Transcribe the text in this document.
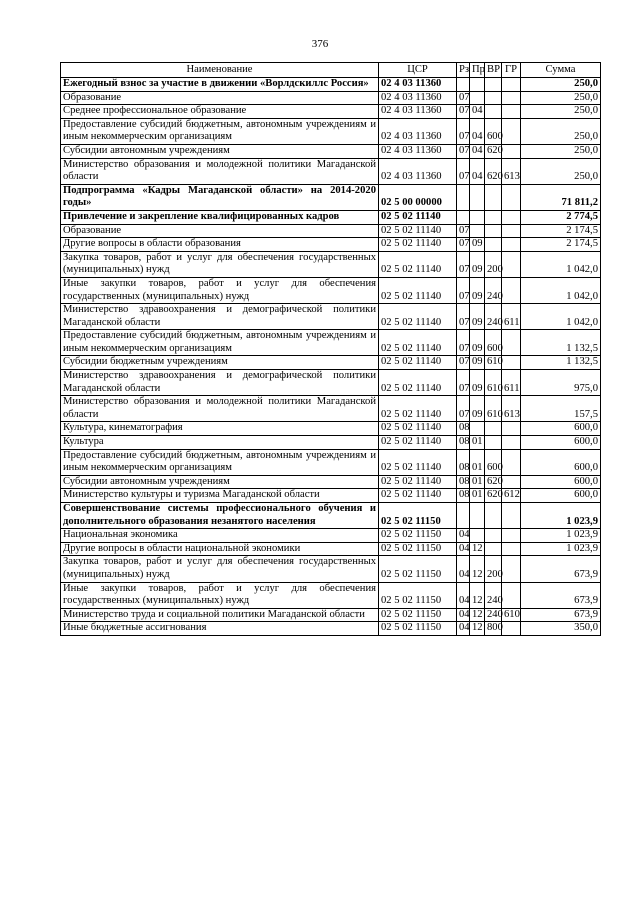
376
Наименование	ЦСР	Рз	Пр	ВР	ГР	Сумма
Ежегодный взнос за участие в движении «Ворлдскиллс Россия»	02 4 03 11360					250,0
Образование	02 4 03 11360	07				250,0
Среднее профессиональное образование	02 4 03 11360	07	04			250,0
Предоставление субсидий бюджетным, автономным учреждениям и иным некоммерческим организациям	02 4 03 11360	07	04	600		250,0
Субсидии автономным учреждениям	02 4 03 11360	07	04	620		250,0
Министерство образования и молодежной политики Магаданской области	02 4 03 11360	07	04	620	613	250,0
Подпрограмма «Кадры Магаданской области» на 2014-2020 годы»	02 5 00 00000					71 811,2
Привлечение и закрепление квалифицированных кадров	02 5 02 11140					2 774,5
Образование	02 5 02 11140	07				2 174,5
Другие вопросы в области образования	02 5 02 11140	07	09			2 174,5
Закупка товаров, работ и услуг для обеспечения государственных (муниципальных) нужд	02 5 02 11140	07	09	200		1 042,0
Иные закупки товаров, работ и услуг для обеспечения государственных (муниципальных) нужд	02 5 02 11140	07	09	240		1 042,0
Министерство здравоохранения и демографической политики Магаданской области	02 5 02 11140	07	09	240	611	1 042,0
Предоставление субсидий бюджетным, автономным учреждениям и иным некоммерческим организациям	02 5 02 11140	07	09	600		1 132,5
Субсидии бюджетным учреждениям	02 5 02 11140	07	09	610		1 132,5
Министерство здравоохранения и демографической политики Магаданской области	02 5 02 11140	07	09	610	611	975,0
Министерство образования и молодежной политики Магаданской области	02 5 02 11140	07	09	610	613	157,5
Культура, кинематография	02 5 02 11140	08				600,0
Культура	02 5 02 11140	08	01			600,0
Предоставление субсидий бюджетным, автономным учреждениям и иным некоммерческим организациям	02 5 02 11140	08	01	600		600,0
Субсидии автономным учреждениям	02 5 02 11140	08	01	620		600,0
Министерство культуры и туризма Магаданской области	02 5 02 11140	08	01	620	612	600,0
Совершенствование системы профессионального обучения и дополнительного образования незанятого населения	02 5 02 11150					1 023,9
Национальная экономика	02 5 02 11150	04				1 023,9
Другие вопросы в области национальной экономики	02 5 02 11150	04	12			1 023,9
Закупка товаров, работ и услуг для обеспечения государственных (муниципальных) нужд	02 5 02 11150	04	12	200		673,9
Иные закупки товаров, работ и услуг для обеспечения государственных (муниципальных) нужд	02 5 02 11150	04	12	240		673,9
Министерство труда и социальной политики Магаданской области	02 5 02 11150	04	12	240	610	673,9
Иные бюджетные ассигнования	02 5 02 11150	04	12	800		350,0
